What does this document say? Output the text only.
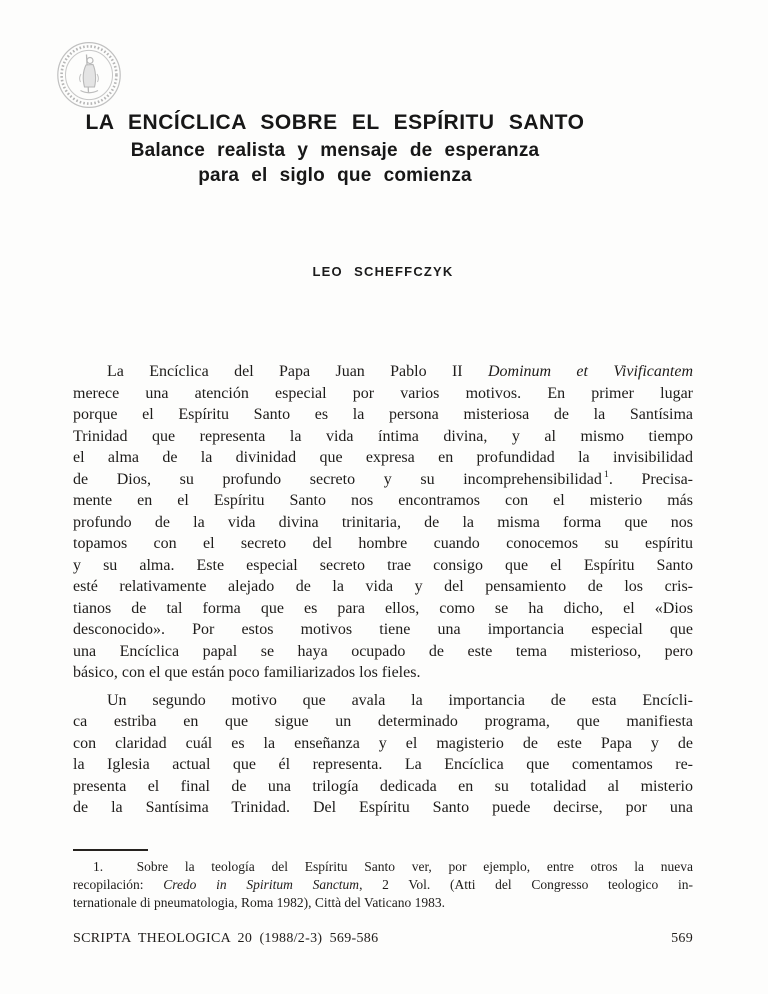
LA ENCÍCLICA SOBRE EL ESPÍRITU SANTO
Balance realista y mensaje de esperanza
para el siglo que comienza
LEO SCHEFFCZYK
La Encíclica del Papa Juan Pablo II Dominum et Vivificantem
merece una atención especial por varios motivos. En primer lugar
porque el Espíritu Santo es la persona misteriosa de la Santísima
Trinidad que representa la vida íntima divina, y al mismo tiempo
el alma de la divinidad que expresa en profundidad la invisibilidad
de Dios, su profundo secreto y su incomprehensibilidad $^1$. Precisa-
mente en el Espíritu Santo nos encontramos con el misterio más
profundo de la vida divina trinitaria, de la misma forma que nos
topamos con el secreto del hombre cuando conocemos su espíritu
y su alma. Este especial secreto trae consigo que el Espíritu Santo
esté relativamente alejado de la vida y del pensamiento de los cris-
tianos de tal forma que es para ellos, como se ha dicho, el «Dios
desconocido». Por estos motivos tiene una importancia especial que
una Encíclica papal se haya ocupado de este tema misterioso, pero
básico, con el que están poco familiarizados los fieles.
Un segundo motivo que avala la importancia de esta Encícli-
ca estriba en que sigue un determinado programa, que manifiesta
con claridad cuál es la enseñanza y el magisterio de este Papa y de
la Iglesia actual que él representa. La Encíclica que comentamos re-
presenta el final de una trilogía dedicada en su totalidad al misterio
de la Santísima Trinidad. Del Espíritu Santo puede decirse, por una
1.  Sobre la teología del Espíritu Santo ver, por ejemplo, entre otros la nueva
recopilación: Credo in Spiritum Sanctum, 2 Vol. (Atti del Congresso teologico in-
ternationale di pneumatologia, Roma 1982), Città del Vaticano 1983.
SCRIPTA THEOLOGICA 20 (1988/2-3) 569-586	569
